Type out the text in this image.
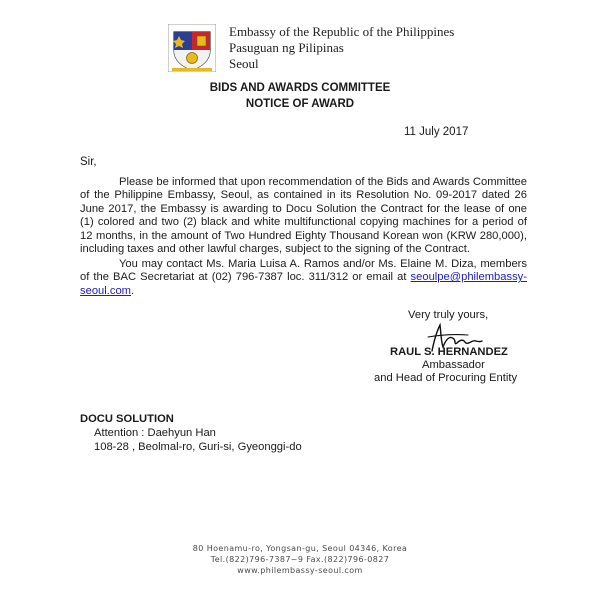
Embassy of the Republic of the Philippines
Pasuguan ng Pilipinas
Seoul
BIDS AND AWARDS COMMITTEE
NOTICE OF AWARD
11 July 2017
Sir,

Please be informed that upon recommendation of the Bids and Awards Committee of the Philippine Embassy, Seoul, as contained in its Resolution No. 09-2017 dated 26 June 2017, the Embassy is awarding to Docu Solution the Contract for the lease of one (1) colored and two (2) black and white multifunctional copying machines for a period of 12 months, in the amount of Two Hundred Eighty Thousand Korean won (KRW 280,000), including taxes and other lawful charges, subject to the signing of the Contract.

You may contact Ms. Maria Luisa A. Ramos and/or Ms. Elaine M. Diza, members of the BAC Secretariat at (02) 796-7387 loc. 311/312 or email at seoulpe@philembassy-seoul.com.

Very truly yours,
RAUL S. HERNANDEZ
Ambassador
and Head of Procuring Entity
DOCU SOLUTION
Attention : Daehyun Han
108-28 , Beolmal-ro, Guri-si, Gyeonggi-do
80 Hoenamu-ro, Yongsan-gu, Seoul 04346, Korea
Tel.(822)796-7387~9 Fax.(822)796-0827
www.philembassy-seoul.com
